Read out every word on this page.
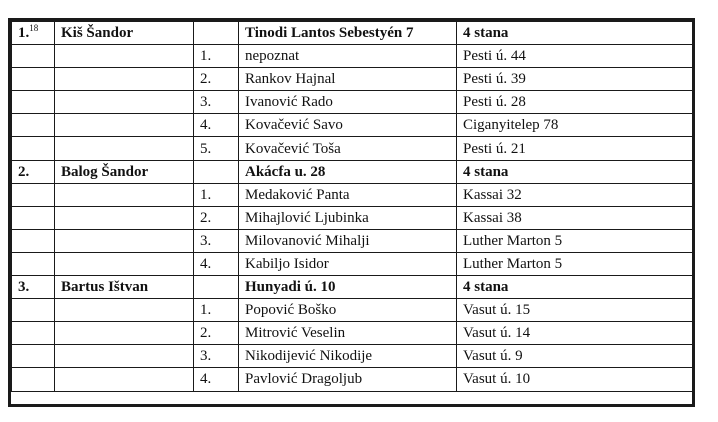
1.18	Kiš Šandor		Tinodi Lantos Sebestyén 7	4 stana
		1.	nepoznat	Pesti ú. 44
		2.	Rankov Hajnal	Pesti ú. 39
		3.	Ivanović Rado	Pesti ú. 28
		4.	Kovačević Savo	Ciganyitelep 78
		5.	Kovačević Toša	Pesti ú. 21
2.	Balog Šandor		Akácfa u. 28	4 stana
		1.	Medaković Panta	Kassai 32
		2.	Mihajlović Ljubinka	Kassai 38
		3.	Milovanović Mihalji	Luther Marton 5
		4.	Kabiljo Isidor	Luther Marton 5
3.	Bartus Ištvan		Hunyadi ú. 10	4 stana
		1.	Popović Boško	Vasut ú. 15
		2.	Mitrović Veselin	Vasut ú. 14
		3.	Nikodijević Nikodije	Vasut ú. 9
		4.	Pavlović Dragoljub	Vasut ú. 10
